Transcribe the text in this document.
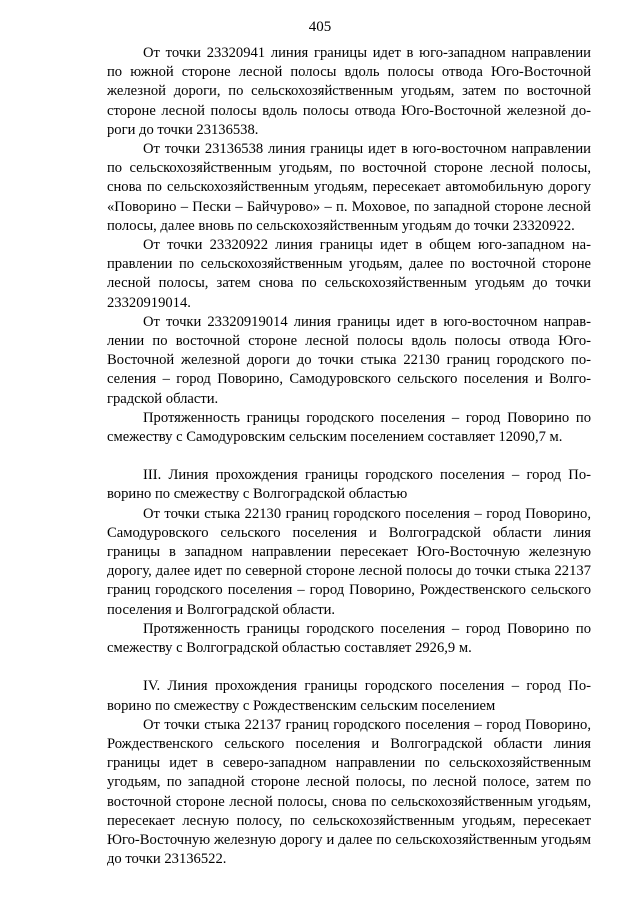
405

От точки 23320941 линия границы идет в юго-западном направлении по южной стороне лесной полосы вдоль полосы отвода Юго-Восточной железной дороги, по сельскохозяйственным угодьям, затем по восточной стороне лесной полосы вдоль полосы отвода Юго-Восточной железной дороги до точки 23136538.

От точки 23136538 линия границы идет в юго-восточном направлении по сельскохозяйственным угодьям, по восточной стороне лесной полосы, снова по сельскохозяйственным угодьям, пересекает автомобильную дорогу «Поворино – Пески – Байчурово» – п. Моховое, по западной стороне лесной полосы, далее вновь по сельскохозяйственным угодьям до точки 23320922.

От точки 23320922 линия границы идет в общем юго-западном направлении по сельскохозяйственным угодьям, далее по восточной стороне лесной полосы, затем снова по сельскохозяйственным угодьям до точки 23320919014.

От точки 23320919014 линия границы идет в юго-восточном направлении по восточной стороне лесной полосы вдоль полосы отвода Юго-Восточной железной дороги до точки стыка 22130 границ городского поселения – город Поворино, Самодуровского сельского поселения и Волгоградской области.

Протяженность границы городского поселения – город Поворино по смежеству с Самодуровским сельским поселением составляет 12090,7 м.

III. Линия прохождения границы городского поселения – город Поворино по смежеству с Волгоградской областью

От точки стыка 22130 границ городского поселения – город Поворино, Самодуровского сельского поселения и Волгоградской области линия границы в западном направлении пересекает Юго-Восточную железную дорогу, далее идет по северной стороне лесной полосы до точки стыка 22137 границ городского поселения – город Поворино, Рождественского сельского поселения и Волгоградской области.

Протяженность границы городского поселения – город Поворино по смежеству с Волгоградской областью составляет 2926,9 м.

IV. Линия прохождения границы городского поселения – город Поворино по смежеству с Рождественским сельским поселением

От точки стыка 22137 границ городского поселения – город Поворино, Рождественского сельского поселения и Волгоградской области линия границы идет в северо-западном направлении по сельскохозяйственным угодьям, по западной стороне лесной полосы, по лесной полосе, затем по восточной стороне лесной полосы, снова по сельскохозяйственным угодьям, пересекает лесную полосу, по сельскохозяйственным угодьям, пересекает Юго-Восточную железную дорогу и далее по сельскохозяйственным угодьям до точки 23136522.
